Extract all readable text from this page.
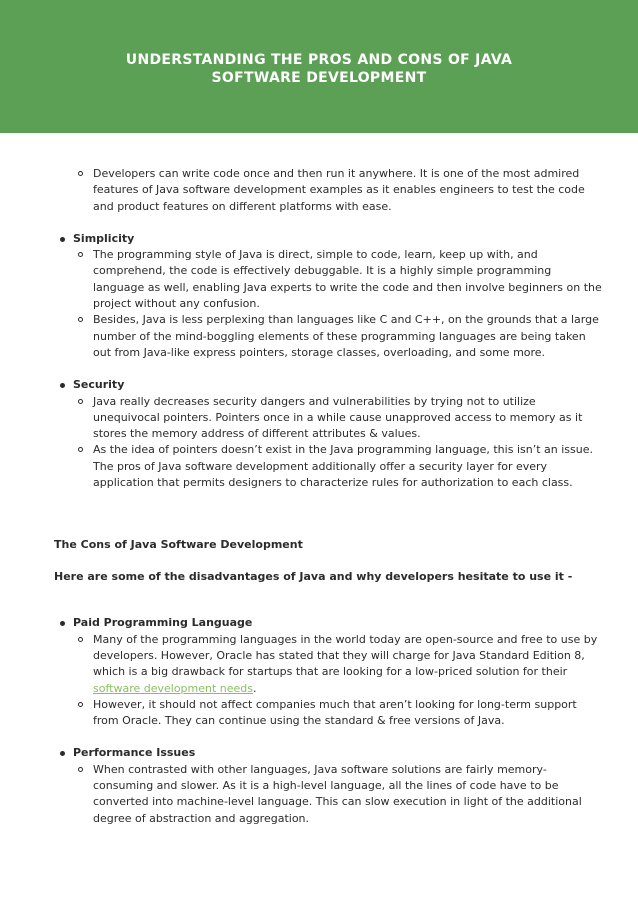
UNDERSTANDING THE PROS AND CONS OF JAVA SOFTWARE DEVELOPMENT
Developers can write code once and then run it anywhere. It is one of the most admired features of Java software development examples as it enables engineers to test the code and product features on different platforms with ease.
Simplicity
The programming style of Java is direct, simple to code, learn, keep up with, and comprehend, the code is effectively debuggable. It is a highly simple programming language as well, enabling Java experts to write the code and then involve beginners on the project without any confusion.
Besides, Java is less perplexing than languages like C and C++, on the grounds that a large number of the mind-boggling elements of these programming languages are being taken out from Java-like express pointers, storage classes, overloading, and some more.
Security
Java really decreases security dangers and vulnerabilities by trying not to utilize unequivocal pointers. Pointers once in a while cause unapproved access to memory as it stores the memory address of different attributes & values.
As the idea of pointers doesn’t exist in the Java programming language, this isn’t an issue. The pros of Java software development additionally offer a security layer for every application that permits designers to characterize rules for authorization to each class.

The Cons of Java Software Development

Here are some of the disadvantages of Java and why developers hesitate to use it -

Paid Programming Language
Many of the programming languages in the world today are open-source and free to use by developers. However, Oracle has stated that they will charge for Java Standard Edition 8, which is a big drawback for startups that are looking for a low-priced solution for their software development needs.
However, it should not affect companies much that aren’t looking for long-term support from Oracle. They can continue using the standard & free versions of Java.
Performance Issues
When contrasted with other languages, Java software solutions are fairly memory-consuming and slower. As it is a high-level language, all the lines of code have to be converted into machine-level language. This can slow execution in light of the additional degree of abstraction and aggregation.
